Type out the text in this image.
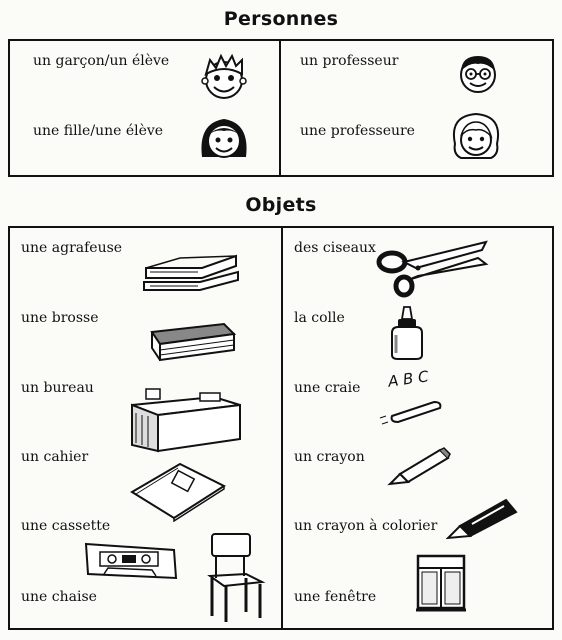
Personnes
Objets
un garçon/un élève	un professeur
une fille/une élève	une professeure
une agrafeuse
une brosse
un bureau
un cahier
une cassette
une chaise
des ciseaux
la colle
une craie
un crayon
un crayon à colorier
une fenêtre
A B C
